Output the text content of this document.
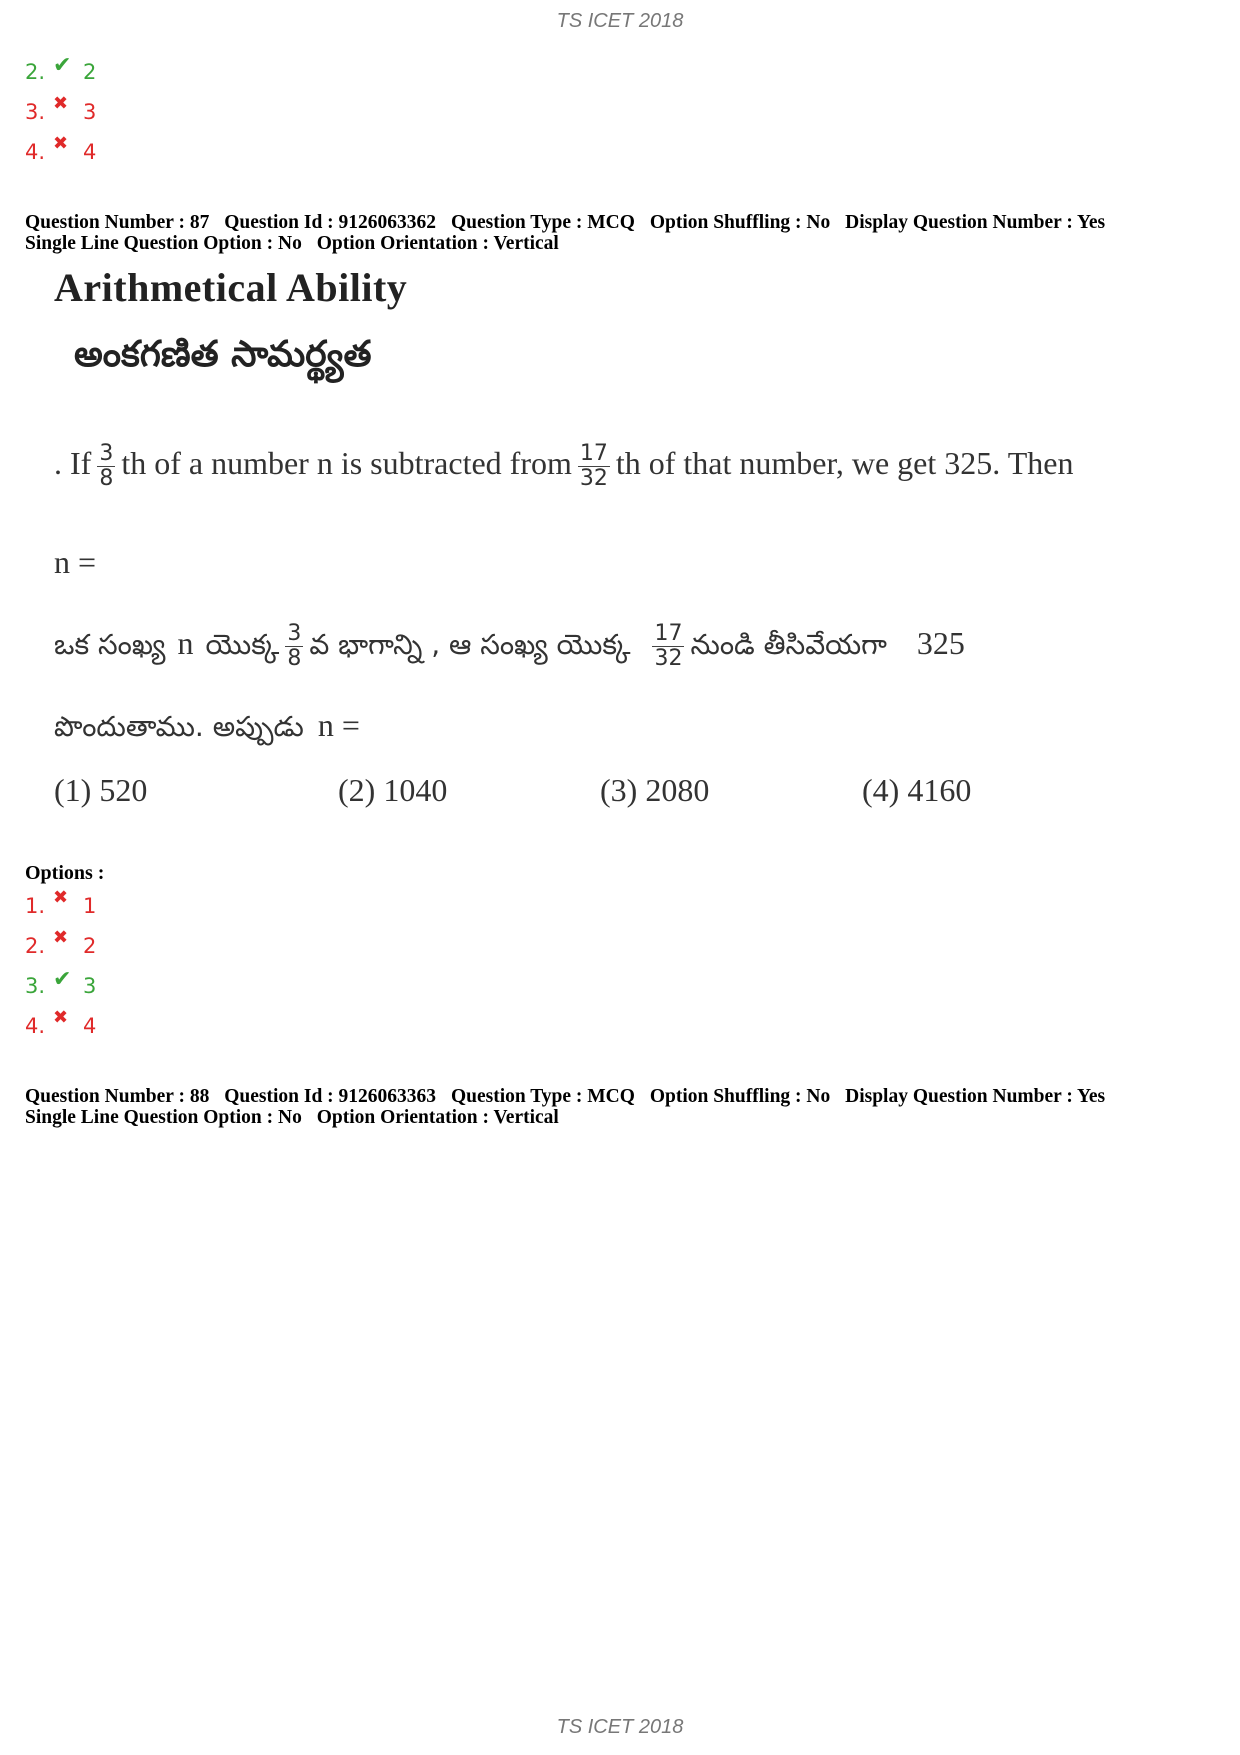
TS ICET 2018
2. ✔ 2
3. ✖ 3
4. ✖ 4
Question Number : 87 Question Id : 9126063362 Question Type : MCQ Option Shuffling : No Display Question Number : Yes
Single Line Question Option : No Option Orientation : Vertical
Arithmetical Ability
అంకగణిత సామర్థ్యత
. If $\frac{3}{8}$ th of a number n is subtracted from $\frac{17}{32}$ th of that number, we get 325. Then
n =
ఒక సంఖ్య n యొక్క $\frac{3}{8}$ వ భాగాన్ని , ఆ సంఖ్య యొక్క $\frac{17}{32}$ నుండి తీసివేయగా 325
పొందుతాము. అప్పుడు n =
(1) 520	(2) 1040	(3) 2080	(4) 4160
Options :
1. ✖ 1
2. ✖ 2
3. ✔ 3
4. ✖ 4
Question Number : 88 Question Id : 9126063363 Question Type : MCQ Option Shuffling : No Display Question Number : Yes
Single Line Question Option : No Option Orientation : Vertical
TS ICET 2018
